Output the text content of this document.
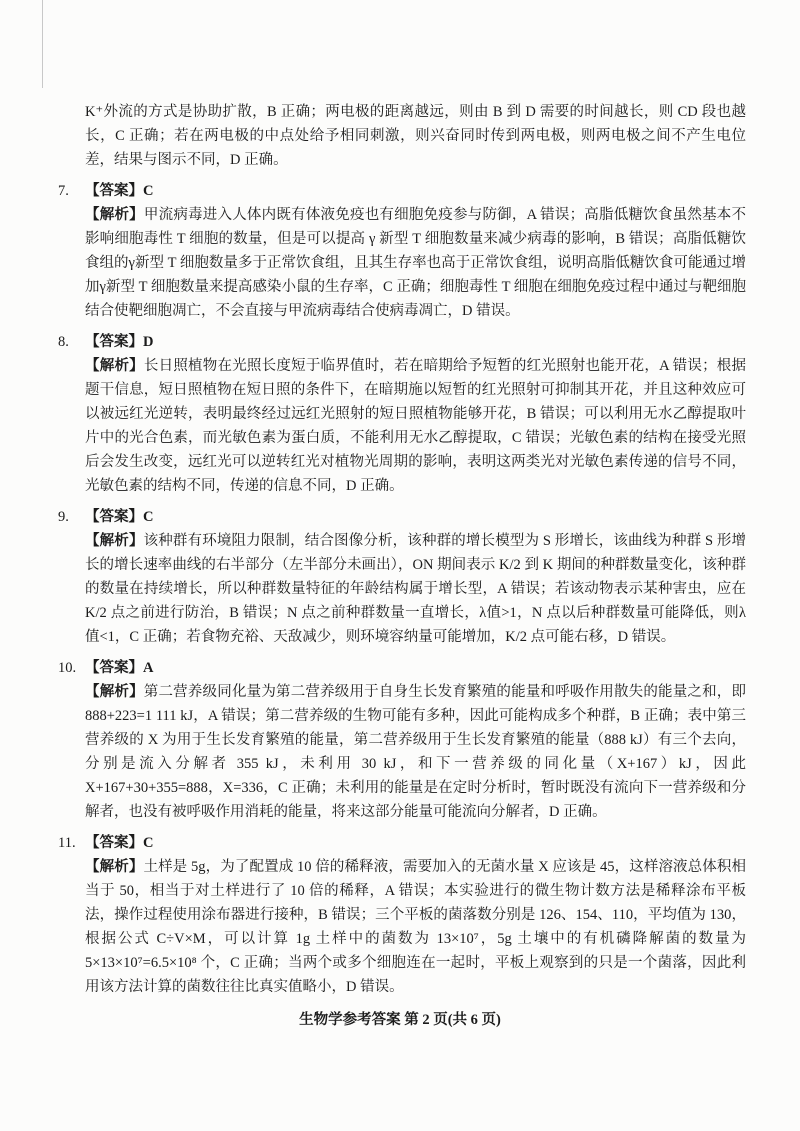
K⁺外流的方式是协助扩散，B 正确；两电极的距离越远，则由 B 到 D 需要的时间越长，则 CD 段也越长，C 正确；若在两电极的中点处给予相同刺激，则兴奋同时传到两电极，则两电极之间不产生电位差，结果与图示不同，D 正确。

7. 【答案】C

【解析】甲流病毒进入人体内既有体液免疫也有细胞免疫参与防御，A 错误；高脂低糖饮食虽然基本不影响细胞毒性 T 细胞的数量，但是可以提高 γ 新型 T 细胞数量来减少病毒的影响，B 错误；高脂低糖饮食组的γ新型 T 细胞数量多于正常饮食组，且其生存率也高于正常饮食组，说明高脂低糖饮食可能通过增加γ新型 T 细胞数量来提高感染小鼠的生存率，C 正确；细胞毒性 T 细胞在细胞免疫过程中通过与靶细胞结合使靶细胞凋亡，不会直接与甲流病毒结合使病毒凋亡，D 错误。

8. 【答案】D

【解析】长日照植物在光照长度短于临界值时，若在暗期给予短暂的红光照射也能开花，A 错误；根据题干信息，短日照植物在短日照的条件下，在暗期施以短暂的红光照射可抑制其开花，并且这种效应可以被远红光逆转，表明最终经过远红光照射的短日照植物能够开花，B 错误；可以利用无水乙醇提取叶片中的光合色素，而光敏色素为蛋白质，不能利用无水乙醇提取，C 错误；光敏色素的结构在接受光照后会发生改变，远红光可以逆转红光对植物光周期的影响，表明这两类光对光敏色素传递的信号不同，光敏色素的结构不同，传递的信息不同，D 正确。

9. 【答案】C

【解析】该种群有环境阻力限制，结合图像分析，该种群的增长模型为 S 形增长，该曲线为种群 S 形增长的增长速率曲线的右半部分（左半部分未画出），ON 期间表示 K/2 到 K 期间的种群数量变化，该种群的数量在持续增长，所以种群数量特征的年龄结构属于增长型，A 错误；若该动物表示某种害虫，应在 K/2 点之前进行防治，B 错误；N 点之前种群数量一直增长，λ值>1，N 点以后种群数量可能降低，则λ值<1，C 正确；若食物充裕、天敌减少，则环境容纳量可能增加，K/2 点可能右移，D 错误。

10. 【答案】A

【解析】第二营养级同化量为第二营养级用于自身生长发育繁殖的能量和呼吸作用散失的能量之和，即888+223=1 111 kJ，A 错误；第二营养级的生物可能有多种，因此可能构成多个种群，B 正确；表中第三营养级的 X 为用于生长发育繁殖的能量，第二营养级用于生长发育繁殖的能量（888 kJ）有三个去向，分别是流入分解者 355 kJ，未利用 30 kJ，和下一营养级的同化量（X+167）kJ，因此 X+167+30+355=888，X=336，C 正确；未利用的能量是在定时分析时，暂时既没有流向下一营养级和分解者，也没有被呼吸作用消耗的能量，将来这部分能量可能流向分解者，D 正确。

11. 【答案】C

【解析】土样是 5g，为了配置成 10 倍的稀释液，需要加入的无菌水量 X 应该是 45，这样溶液总体积相当于 50，相当于对土样进行了 10 倍的稀释，A 错误；本实验进行的微生物计数方法是稀释涂布平板法，操作过程使用涂布器进行接种，B 错误；三个平板的菌落数分别是 126、154、110，平均值为 130，根据公式 C÷V×M，可以计算 1g 土样中的菌数为 13×10⁷，5g 土壤中的有机磷降解菌的数量为 5×13×10⁷=6.5×10⁸ 个，C 正确；当两个或多个细胞连在一起时，平板上观察到的只是一个菌落，因此利用该方法计算的菌数往往比真实值略小，D 错误。

生物学参考答案 第 2 页(共 6 页)
